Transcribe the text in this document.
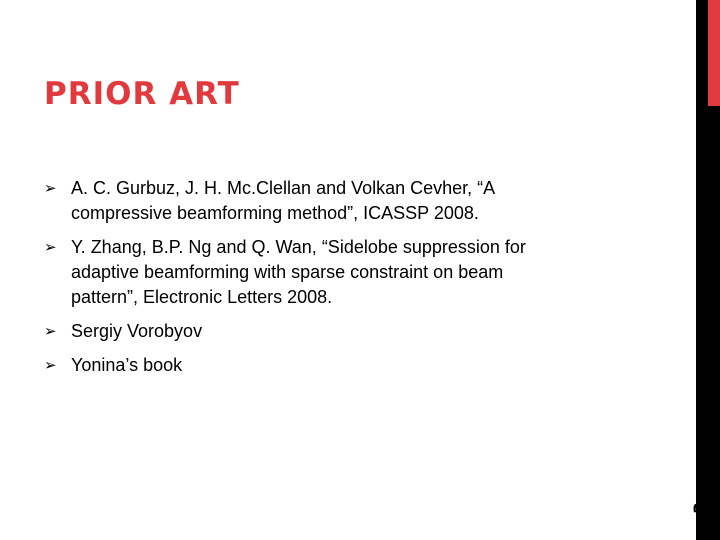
PRIOR ART
➢ A. C. Gurbuz, J. H. Mc.Clellan and Volkan Cevher, “A
compressive beamforming method”, ICASSP 2008.
➢ Y. Zhang, B.P. Ng and Q. Wan, “Sidelobe suppression for
adaptive beamforming with sparse constraint on beam
pattern”, Electronic Letters 2008.
➢ Sergiy Vorobyov
➢ Yonina’s book
3
